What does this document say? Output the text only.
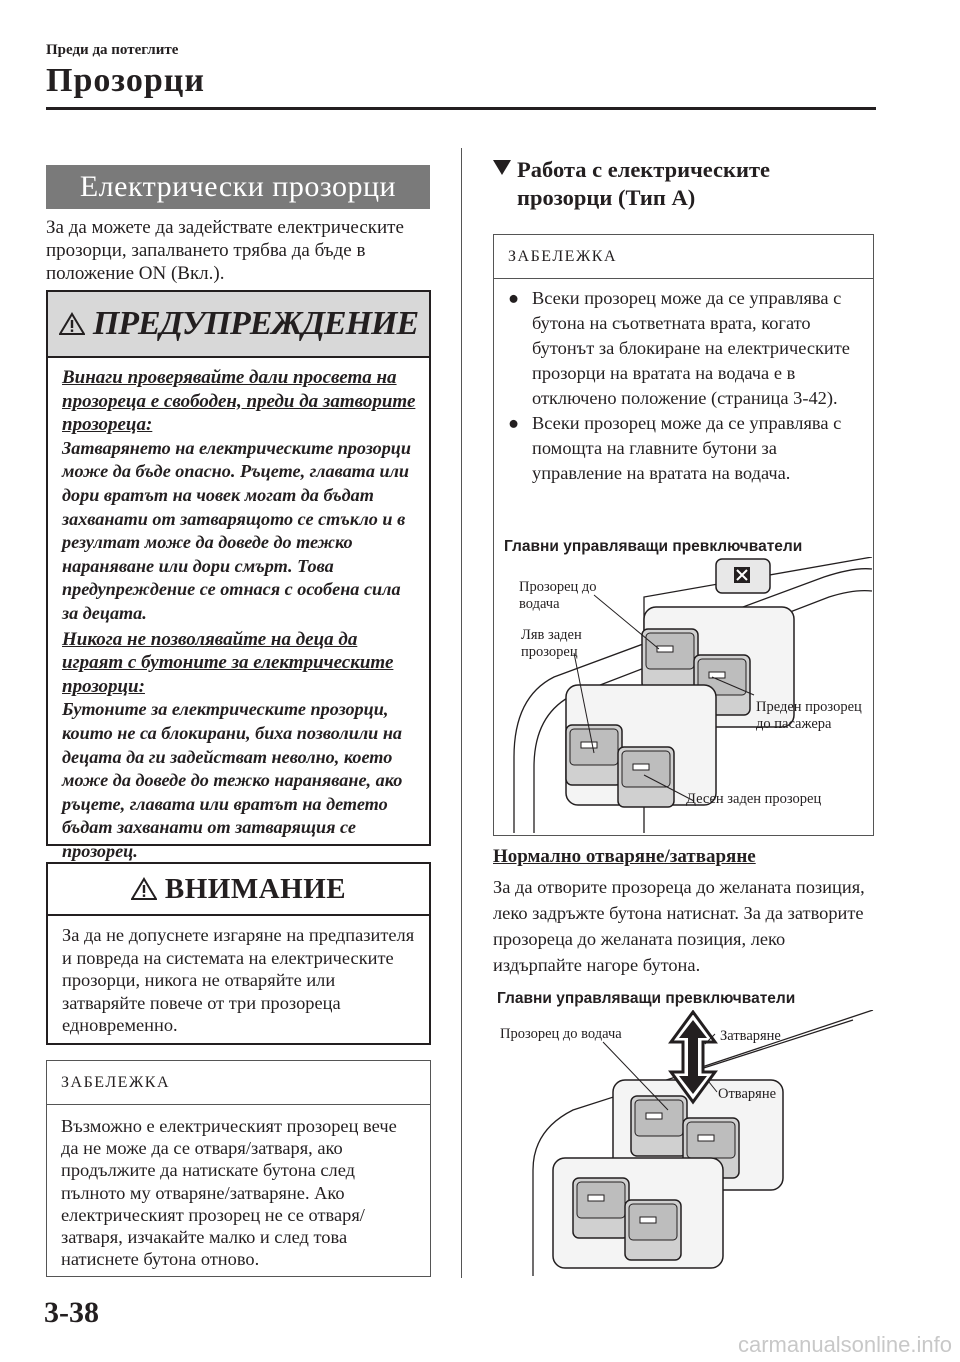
Преди да потеглите
Прозорци
Електрически прозорци
За да можете да задействате електрическите прозорци, запалването трябва да бъде в положение ON (Вкл.).
ПРЕДУПРЕЖДЕНИЕ

Винаги проверявайте дали просвета на прозореца е свободен, преди да затворите прозореца:

Затварянето на електрическите прозорци може да бъде опасно. Ръцете, главата или дори вратът на човек могат да бъдат захванати от затварящото се стъкло и в резултат може да доведе до тежко нараняване или дори смърт. Това предупреждение се отнася с особена сила за децата.

Никога не позволявайте на деца да играят с бутоните за електрическите прозорци:

Бутоните за електрическите прозорци, които не са блокирани, биха позволили на децата да ги задействат неволно, което може да доведе до тежко нараняване, ако ръцете, главата или вратът на детето бъдат захванати от затварящия се прозорец.

ВНИМАНИЕ
За да не допуснете изгаряне на предпазителя и повреда на системата на електрическите прозорци, никога не отваряйте или затваряйте повече от три прозореца едновременно.
ЗАБЕЛЕЖКА
Възможно е електрическият прозорец вече да не може да се отваря/затваря, ако продължите да натискате бутона след пълното му отваряне/затваряне. Ако електрическият прозорец не се отваря/затваря, изчакайте малко и след това натиснете бутона отново.
Работа с електрическите
прозорци (Тип A)
ЗАБЕЛЕЖКА
● Всеки прозорец може да се управлява с бутона на съответната врата, когато бутонът за блокиране на електрическите прозорци на вратата на водача е в отключено положение (страница 3-42).
● Всеки прозорец може да се управлява с помощта на главните бутони за управление на вратата на водача.
Главни управляващи превключватели
Прозорец до водача
Ляв заден прозорец
Преден прозорец до пасажера
Десен заден прозорец
Нормално отваряне/затваряне
За да отворите прозореца до желаната позиция, леко задръжте бутона натиснат. За да затворите прозореца до желаната позиция, леко издърпайте нагоре бутона.
Главни управляващи превключватели
Прозорец до водача	Затваряне
Отваряне
3-38
carmanualsonline.info
